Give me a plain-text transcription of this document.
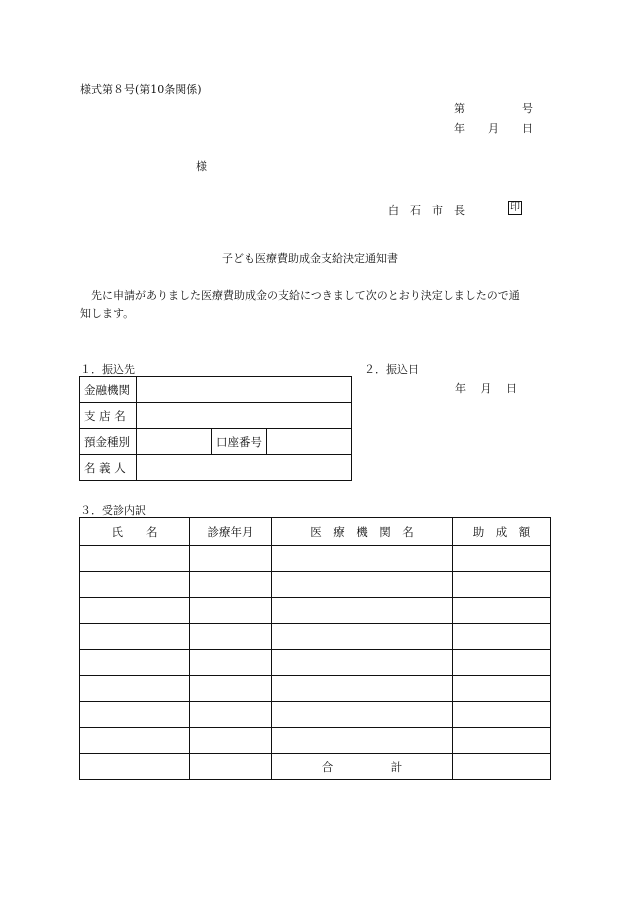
様式第８号(第10条関係)
第	号
年 月 日
様
白　石　市　長	印
子ども医療費助成金支給決定通知書
　先に申請がありました医療費助成金の支給につきまして次のとおり決定しましたので通
知します。
１．振込先	２．振込日
年　 月　 日
金融機関			
支 店 名			
預金種別		口座番号	
名 義 人			
３．受診内訳
氏　　名	診療年月	医　療　機　関　名	助　成　額

		合　　　　　計	
